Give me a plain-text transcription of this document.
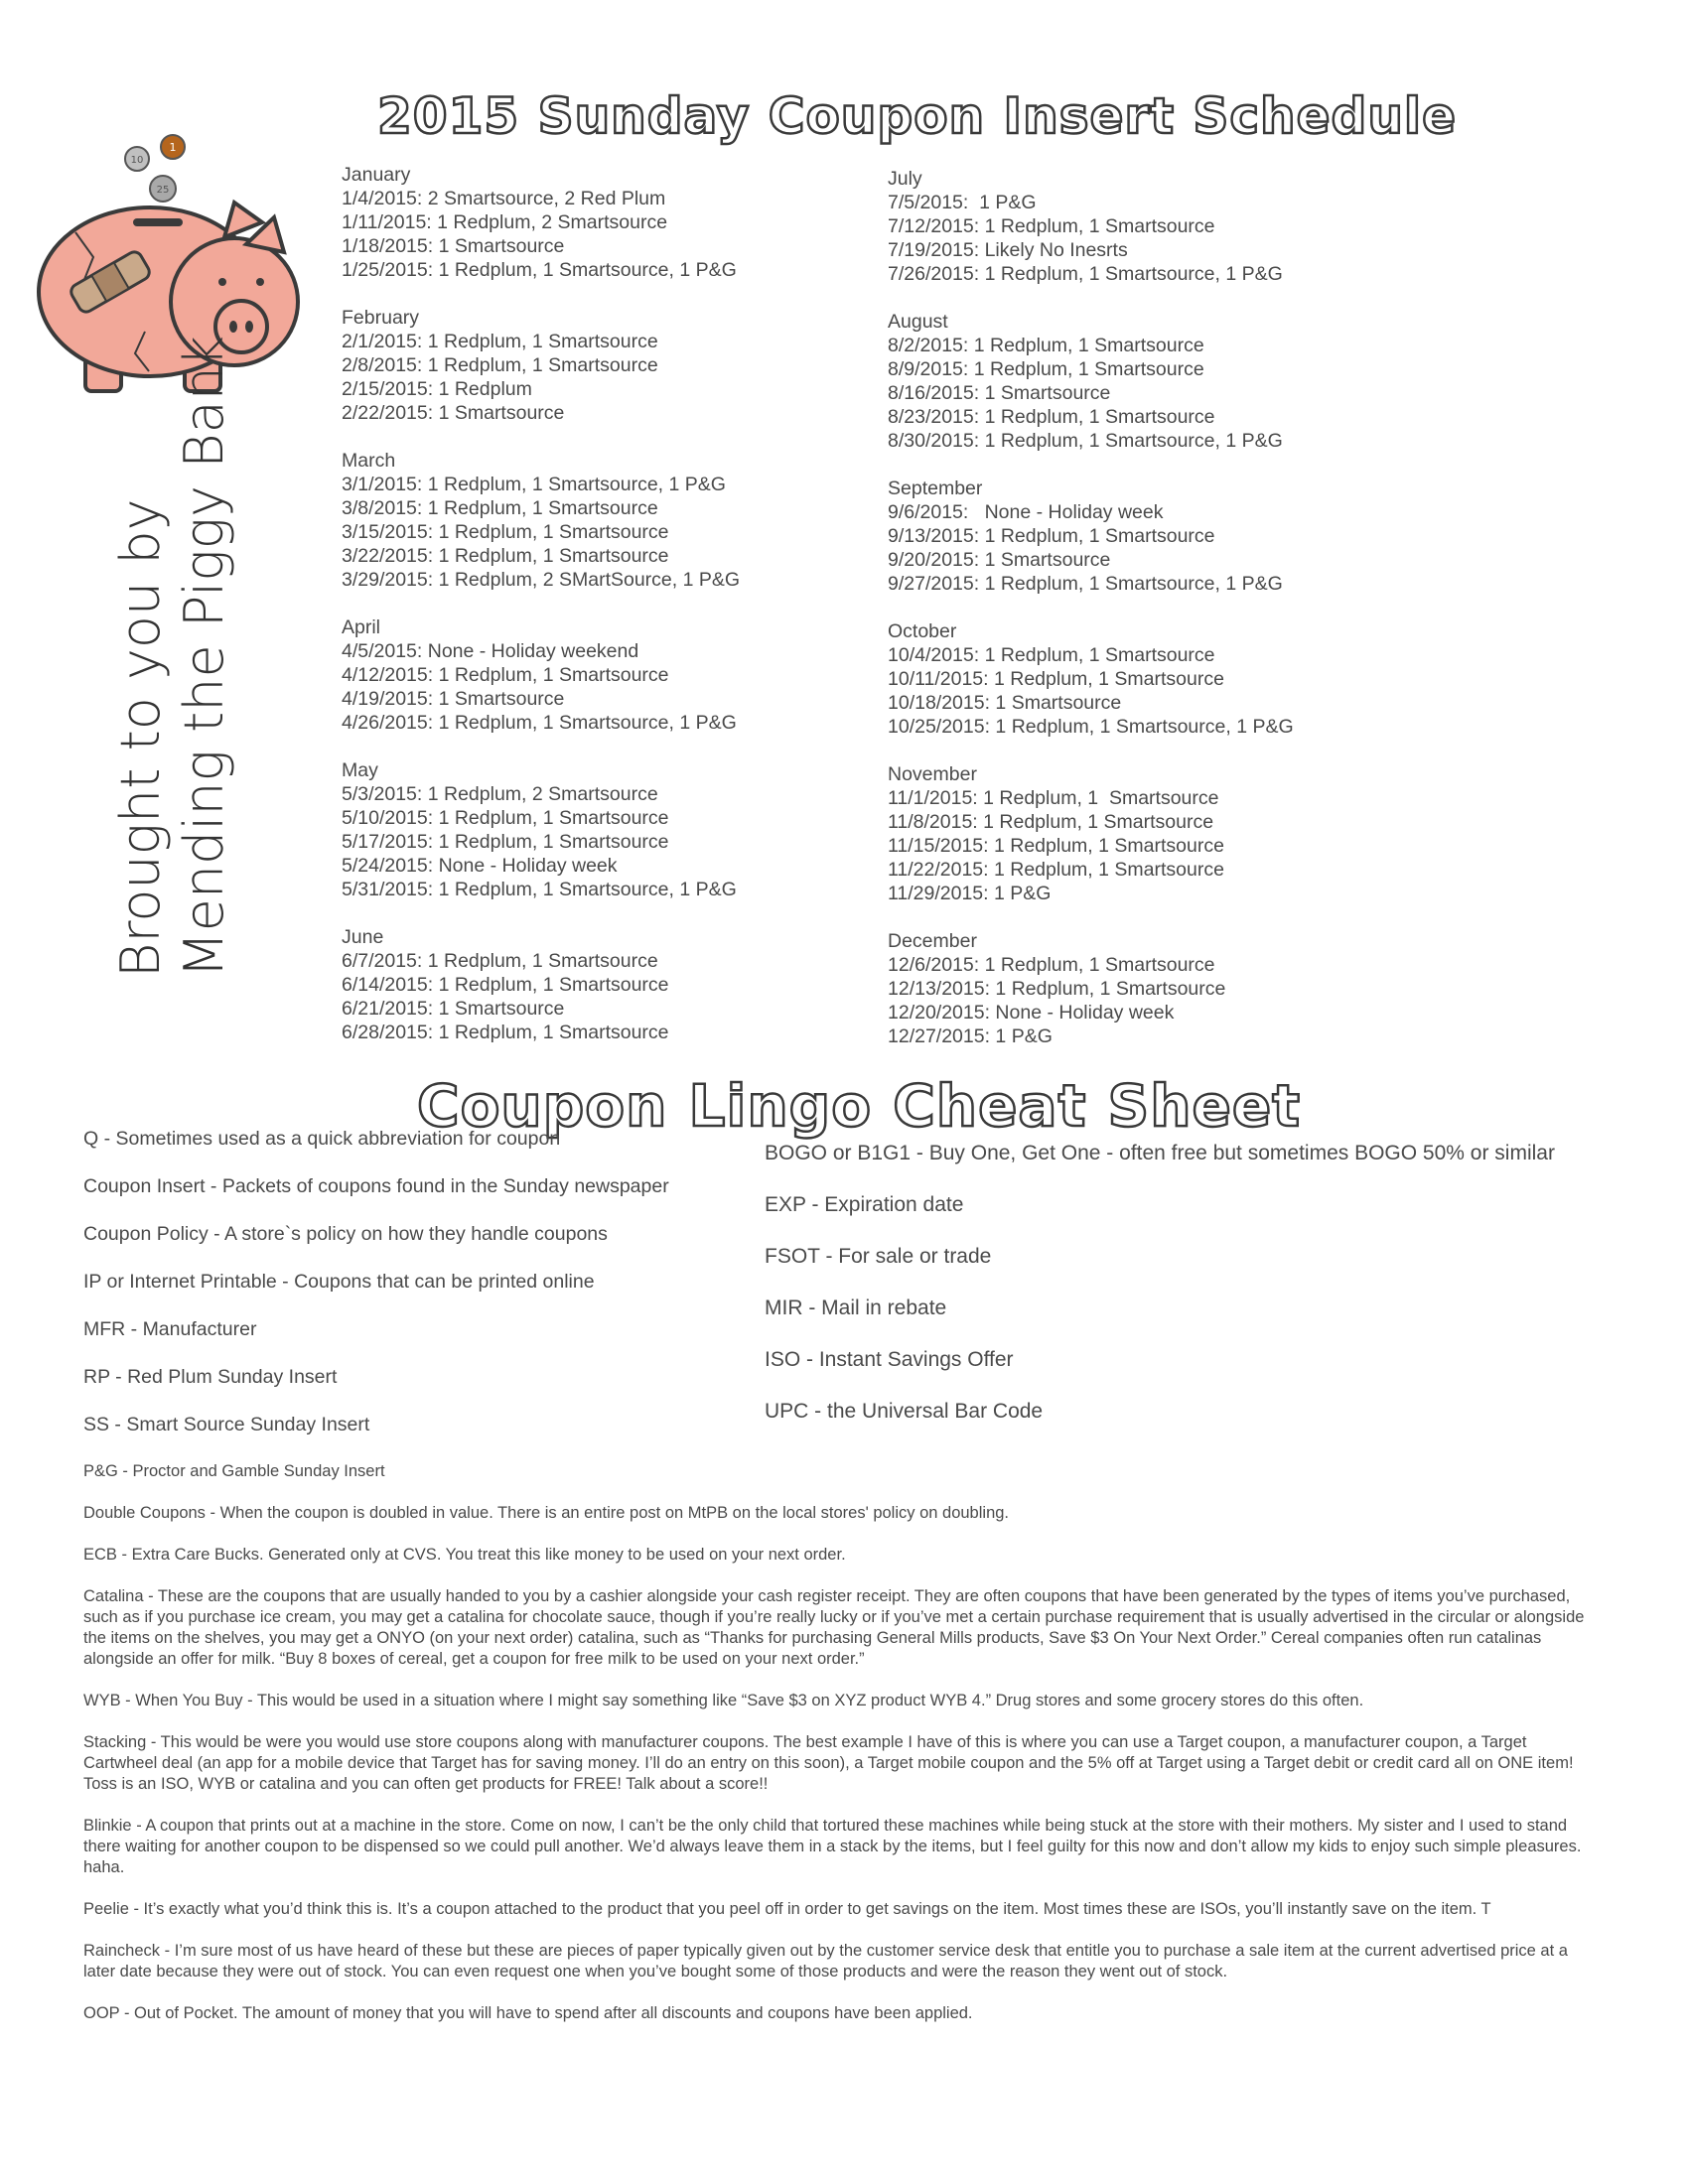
2015 Sunday Coupon Insert Schedule
10
1
25
Brought to you by Mending the Piggy Bank
January
1/4/2015: 2 Smartsource, 2 Red Plum
1/11/2015: 1 Redplum, 2 Smartsource
1/18/2015: 1 Smartsource
1/25/2015: 1 Redplum, 1 Smartsource, 1 P&G
February
2/1/2015: 1 Redplum, 1 Smartsource
2/8/2015: 1 Redplum, 1 Smartsource
2/15/2015: 1 Redplum
2/22/2015: 1 Smartsource
March
3/1/2015: 1 Redplum, 1 Smartsource, 1 P&G
3/8/2015: 1 Redplum, 1 Smartsource
3/15/2015: 1 Redplum, 1 Smartsource
3/22/2015: 1 Redplum, 1 Smartsource
3/29/2015: 1 Redplum, 2 SMartSource, 1 P&G
April
4/5/2015: None - Holiday weekend
4/12/2015: 1 Redplum, 1 Smartsource
4/19/2015: 1 Smartsource
4/26/2015: 1 Redplum, 1 Smartsource, 1 P&G
May
5/3/2015: 1 Redplum, 2 Smartsource
5/10/2015: 1 Redplum, 1 Smartsource
5/17/2015: 1 Redplum, 1 Smartsource
5/24/2015: None - Holiday week
5/31/2015: 1 Redplum, 1 Smartsource, 1 P&G
June
6/7/2015: 1 Redplum, 1 Smartsource
6/14/2015: 1 Redplum, 1 Smartsource
6/21/2015: 1 Smartsource
6/28/2015: 1 Redplum, 1 Smartsource
July
7/5/2015:  1 P&G
7/12/2015: 1 Redplum, 1 Smartsource
7/19/2015: Likely No Inesrts
7/26/2015: 1 Redplum, 1 Smartsource, 1 P&G
August
8/2/2015: 1 Redplum, 1 Smartsource
8/9/2015: 1 Redplum, 1 Smartsource
8/16/2015: 1 Smartsource
8/23/2015: 1 Redplum, 1 Smartsource
8/30/2015: 1 Redplum, 1 Smartsource, 1 P&G
September
9/6/2015:   None - Holiday week
9/13/2015: 1 Redplum, 1 Smartsource
9/20/2015: 1 Smartsource
9/27/2015: 1 Redplum, 1 Smartsource, 1 P&G
October
10/4/2015: 1 Redplum, 1 Smartsource
10/11/2015: 1 Redplum, 1 Smartsource
10/18/2015: 1 Smartsource
10/25/2015: 1 Redplum, 1 Smartsource, 1 P&G
November
11/1/2015: 1 Redplum, 1  Smartsource
11/8/2015: 1 Redplum, 1 Smartsource
11/15/2015: 1 Redplum, 1 Smartsource
11/22/2015: 1 Redplum, 1 Smartsource
11/29/2015: 1 P&G
December
12/6/2015: 1 Redplum, 1 Smartsource
12/13/2015: 1 Redplum, 1 Smartsource
12/20/2015: None - Holiday week
12/27/2015: 1 P&G
Coupon Lingo Cheat Sheet
Q - Sometimes used as a quick abbreviation for coupon
Coupon Insert - Packets of coupons found in the Sunday newspaper
Coupon Policy - A store`s policy on how they handle coupons
IP or Internet Printable - Coupons that can be printed online
MFR - Manufacturer
RP - Red Plum Sunday Insert
SS - Smart Source Sunday Insert
BOGO or B1G1 - Buy One, Get One - often free but sometimes BOGO 50% or similar
EXP - Expiration date
FSOT - For sale or trade
MIR - Mail in rebate
ISO - Instant Savings Offer
UPC - the Universal Bar Code
P&G - Proctor and Gamble Sunday Insert
Double Coupons - When the coupon is doubled in value. There is an entire post on MtPB on the local stores' policy on doubling.
ECB - Extra Care Bucks. Generated only at CVS. You treat this like money to be used on your next order.
Catalina - These are the coupons that are usually handed to you by a cashier alongside your cash register receipt. They are often coupons that have been generated by the types of items you’ve purchased, such as if you purchase ice cream, you may get a catalina for chocolate sauce, though if you’re really lucky or if you’ve met a certain purchase requirement that is usually advertised in the circular or alongside the items on the shelves, you may get a ONYO (on your next order) catalina, such as “Thanks for purchasing General Mills products, Save $3 On Your Next Order.” Cereal companies often run catalinas alongside an offer for milk. “Buy 8 boxes of cereal, get a coupon for free milk to be used on your next order.”
WYB - When You Buy - This would be used in a situation where I might say something like “Save $3 on XYZ product WYB 4.” Drug stores and some grocery stores do this often.
Stacking - This would be were you would use store coupons along with manufacturer coupons. The best example I have of this is where you can use a Target coupon, a manufacturer coupon, a Target Cartwheel deal (an app for a mobile device that Target has for saving money. I’ll do an entry on this soon), a Target mobile coupon and the 5% off at Target using a Target debit or credit card all on ONE item! Toss is an ISO, WYB or catalina and you can often get products for FREE! Talk about a score!!
Blinkie - A coupon that prints out at a machine in the store. Come on now, I can’t be the only child that tortured these machines while being stuck at the store with their mothers. My sister and I used to stand there waiting for another coupon to be dispensed so we could pull another. We’d always leave them in a stack by the items, but I feel guilty for this now and don’t allow my kids to enjoy such simple pleasures. haha.
Peelie - It’s exactly what you’d think this is. It’s a coupon attached to the product that you peel off in order to get savings on the item. Most times these are ISOs, you’ll instantly save on the item. T
Raincheck - I’m sure most of us have heard of these but these are pieces of paper typically given out by the customer service desk that entitle you to purchase a sale item at the current advertised price at a later date because they were out of stock. You can even request one when you’ve bought some of those products and were the reason they went out of stock.
OOP - Out of Pocket. The amount of money that you will have to spend after all discounts and coupons have been applied.
